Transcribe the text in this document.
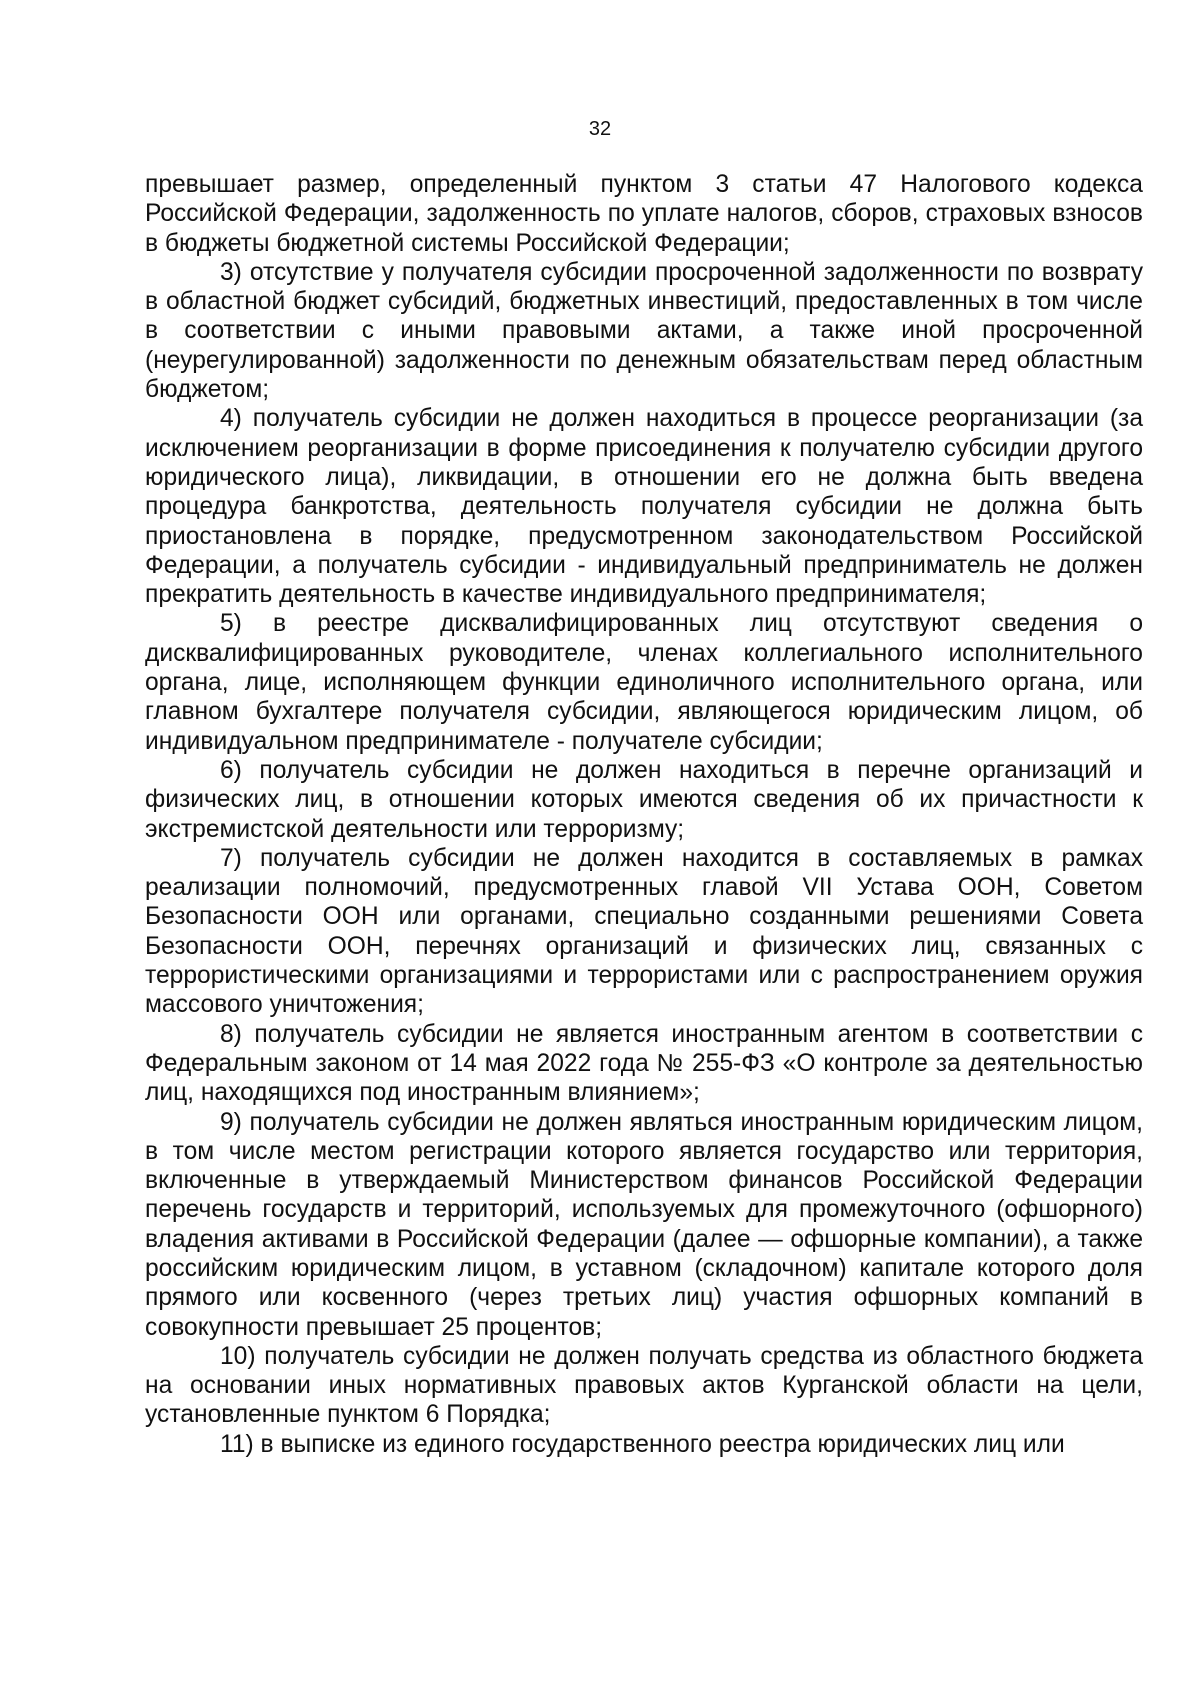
32

превышает размер, определенный пунктом 3 статьи 47 Налогового кодекса Российской Федерации, задолженность по уплате налогов, сборов, страховых взносов в бюджеты бюджетной системы Российской Федерации;

3) отсутствие у получателя субсидии просроченной задолженности по возврату в областной бюджет субсидий, бюджетных инвестиций, предоставленных в том числе в соответствии с иными правовыми актами, а также иной просроченной (неурегулированной) задолженности по денежным обязательствам перед областным бюджетом;

4) получатель субсидии не должен находиться в процессе реорганизации (за исключением реорганизации в форме присоединения к получателю субсидии другого юридического лица), ликвидации, в отношении его не должна быть введена процедура банкротства, деятельность получателя субсидии не должна быть приостановлена в порядке, предусмотренном законодательством Российской Федерации, а получатель субсидии - индивидуальный предприниматель не должен прекратить деятельность в качестве индивидуального предпринимателя;

5) в реестре дисквалифицированных лиц отсутствуют сведения о дисквалифицированных руководителе, членах коллегиального исполнительного органа, лице, исполняющем функции единоличного исполнительного органа, или главном бухгалтере получателя субсидии, являющегося юридическим лицом, об индивидуальном предпринимателе - получателе субсидии;

6) получатель субсидии не должен находиться в перечне организаций и физических лиц, в отношении которых имеются сведения об их причастности к экстремистской деятельности или терроризму;

7) получатель субсидии не должен находится в составляемых в рамках реализации полномочий, предусмотренных главой VII Устава ООН, Советом Безопасности ООН или органами, специально созданными решениями Совета Безопасности ООН, перечнях организаций и физических лиц, связанных с террористическими организациями и террористами или с распространением оружия массового уничтожения;

8) получатель субсидии не является иностранным агентом в соответствии с Федеральным законом от 14 мая 2022 года № 255-ФЗ «О контроле за деятельностью лиц, находящихся под иностранным влиянием»;

9) получатель субсидии не должен являться иностранным юридическим лицом, в том числе местом регистрации которого является государство или территория, включенные в утверждаемый Министерством финансов Российской Федерации перечень государств и территорий, используемых для промежуточного (офшорного) владения активами в Российской Федерации (далее — офшорные компании), а также российским юридическим лицом, в уставном (складочном) капитале которого доля прямого или косвенного (через третьих лиц) участия офшорных компаний в совокупности превышает 25 процентов;

10) получатель субсидии не должен получать средства из областного бюджета на основании иных нормативных правовых актов Курганской области на цели, установленные пунктом 6 Порядка;

11) в выписке из единого государственного реестра юридических лиц или
